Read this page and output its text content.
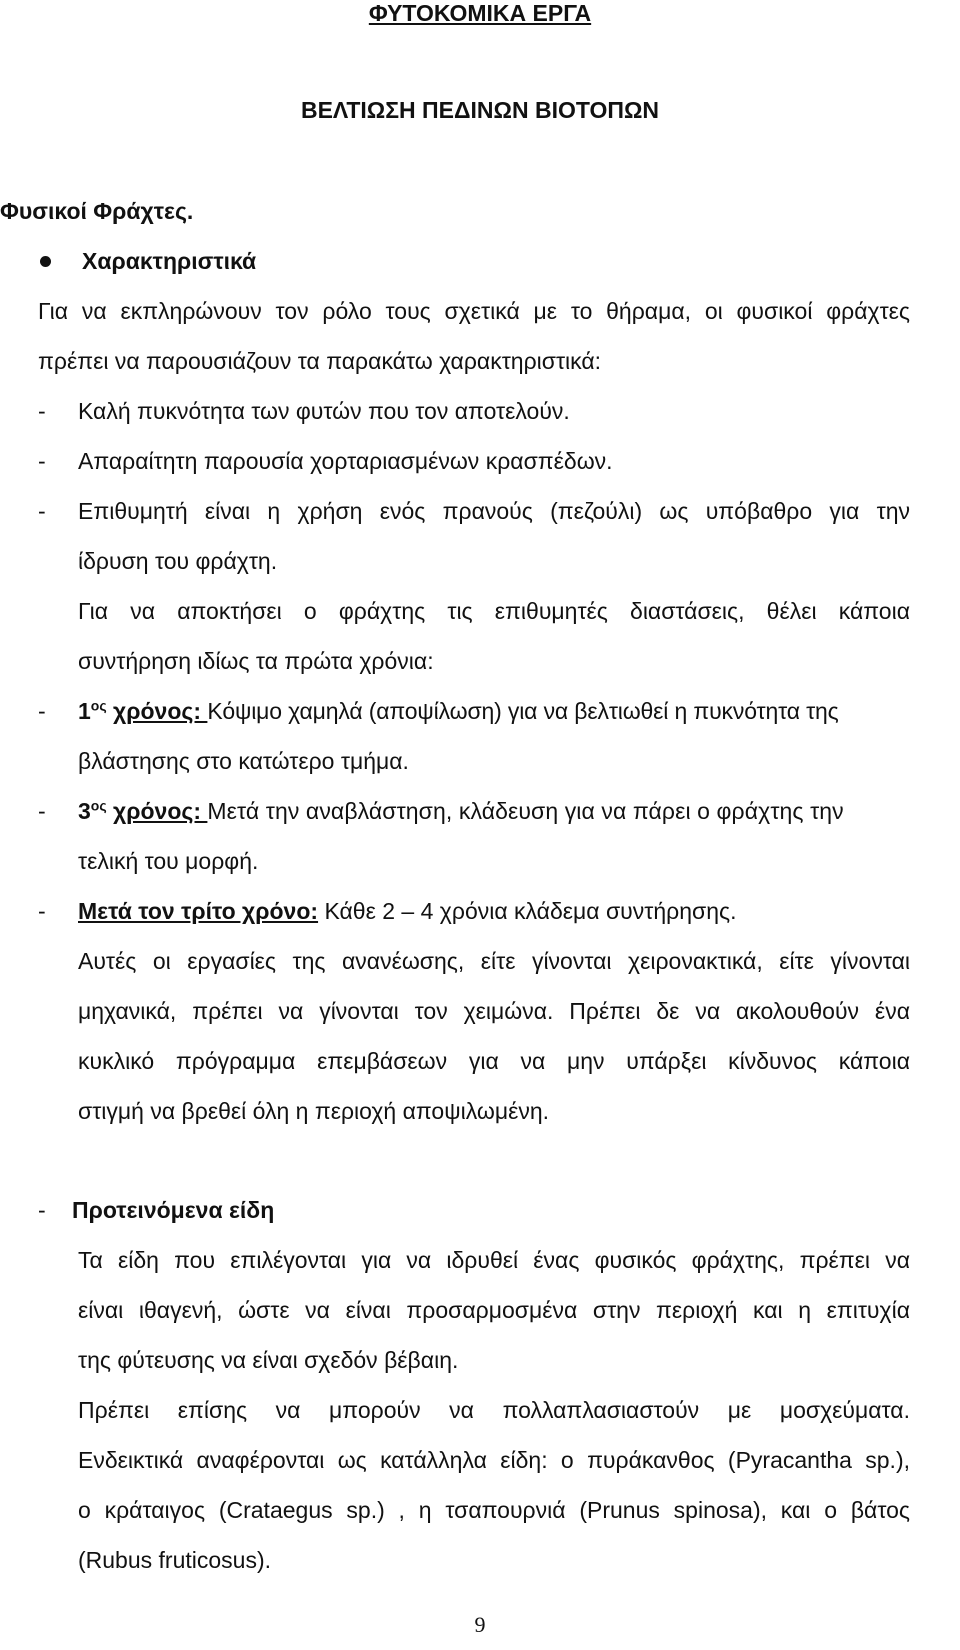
ΦΥΤΟΚΟΜΙΚΑ ΕΡΓΑ
ΒΕΛΤΙΩΣΗ ΠΕΔΙΝΩΝ ΒΙΟΤΟΠΩΝ
Φυσικοί Φράχτες.
Χαρακτηριστικά
Για να εκπληρώνουν τον ρόλο τους σχετικά με το θήραμα, οι φυσικοί φράχτες
πρέπει να παρουσιάζουν τα παρακάτω χαρακτηριστικά:
- Καλή πυκνότητα των φυτών που τον αποτελούν.
- Απαραίτητη παρουσία χορταριασμένων κρασπέδων.
- Επιθυμητή είναι η χρήση ενός πρανούς (πεζούλι) ως υπόβαθρο για την
ίδρυση του φράχτη.
Για να αποκτήσει ο φράχτης τις επιθυμητές διαστάσεις, θέλει κάποια
συντήρηση ιδίως τα πρώτα χρόνια:
- $1^{o\varsigma}$ χρόνος: Κόψιμο χαμηλά (αποψίλωση) για να βελτιωθεί η πυκνότητα της
βλάστησης στο κατώτερο τμήμα.
- $3^{o\varsigma}$ χρόνος: Μετά την αναβλάστηση, κλάδευση για να πάρει ο φράχτης την
τελική του μορφή.
- Μετά τον τρίτο χρόνο: Κάθε 2 – 4 χρόνια κλάδεμα συντήρησης.
Αυτές οι εργασίες της ανανέωσης, είτε γίνονται χειρονακτικά, είτε γίνονται
μηχανικά, πρέπει να γίνονται τον χειμώνα. Πρέπει δε να ακολουθούν ένα
κυκλικό πρόγραμμα επεμβάσεων για να μην υπάρξει κίνδυνος κάποια
στιγμή να βρεθεί όλη η περιοχή αποψιλωμένη.
- Προτεινόμενα είδη
Τα είδη που επιλέγονται για να ιδρυθεί ένας φυσικός φράχτης, πρέπει να
είναι ιθαγενή, ώστε να είναι προσαρμοσμένα στην περιοχή και η επιτυχία
της φύτευσης να είναι σχεδόν βέβαιη.
Πρέπει επίσης να μπορούν να πολλαπλασιαστούν με μοσχεύματα.
Ενδεικτικά αναφέρονται ως κατάλληλα είδη: ο πυράκανθος (Pyracantha sp.),
ο κράταιγος (Crataegus sp.) , η τσαπουρνιά (Prunus spinosa), και ο βάτος
(Rubus fruticosus).
9
